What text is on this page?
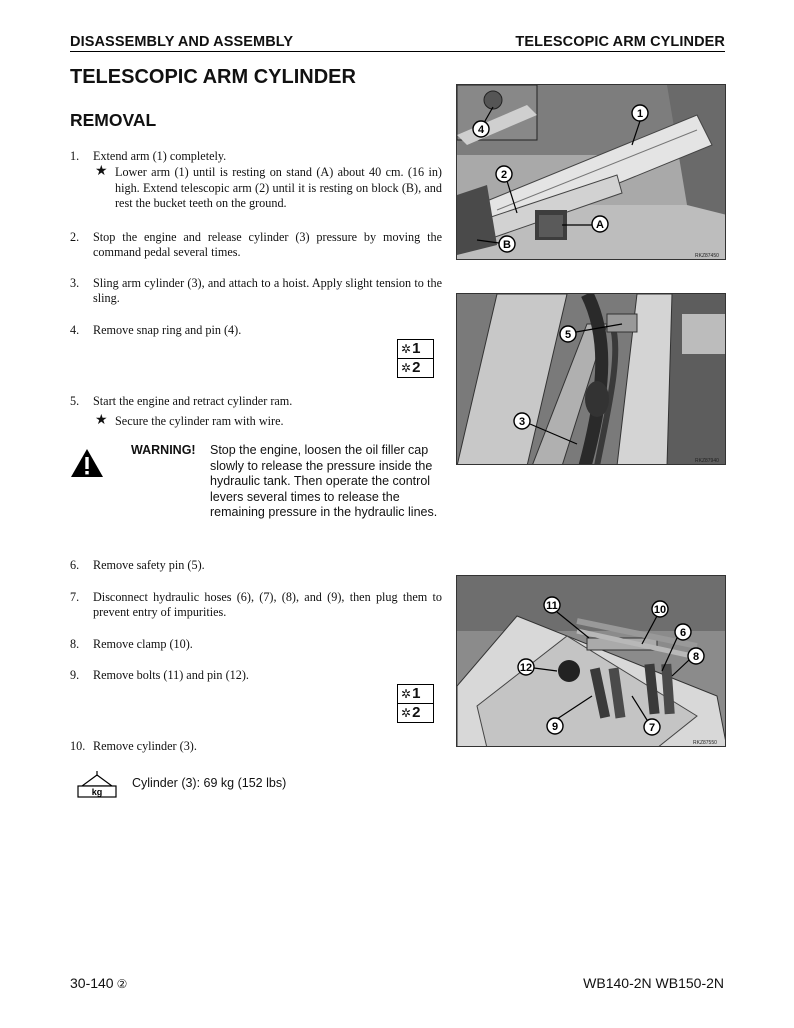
DISASSEMBLY AND ASSEMBLY	TELESCOPIC ARM CYLINDER
TELESCOPIC ARM CYLINDER
REMOVAL
1. Extend arm (1) completely.
★ Lower arm (1) until is resting on stand (A) about 40 cm. (16 in) high. Extend telescopic arm (2) until it is resting on block (B), and rest the bucket teeth on the ground.
2. Stop the engine and release cylinder (3) pressure by moving the command pedal several times.
3. Sling arm cylinder (3), and attach to a hoist. Apply slight tension to the sling.
4. Remove snap ring and pin (4).
✲1
✲2
5. Start the engine and retract cylinder ram.
★ Secure the cylinder ram with wire.
WARNING! Stop the engine, loosen the oil filler cap slowly to release the pressure inside the hydraulic tank. Then operate the control levers several times to release the remaining pressure in the hydraulic lines.
6. Remove safety pin (5).
7. Disconnect hydraulic hoses (6), (7), (8), and (9), then plug them to prevent entry of impurities.
8. Remove clamp (10).
9. Remove bolts (11) and pin (12).
✲1
✲2
10. Remove cylinder (3).
kg
Cylinder (3): 69 kg (152 lbs)
4
1
2
A
B
RKZ87450
5
3
RKZ87940
11	10
6
12
8
9	7
RKZ87550
30-140 ②	WB140-2N WB150-2N
